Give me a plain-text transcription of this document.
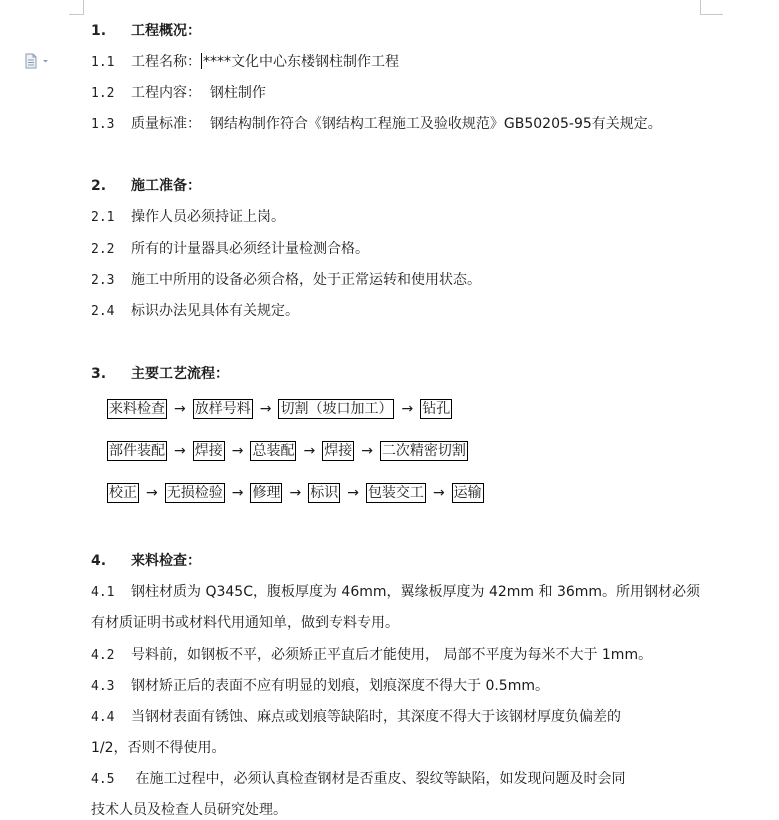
1. 工程概况：
1.1 工程名称： ****文化中心东楼钢柱制作工程
1.2 工程内容： 钢柱制作
1.3 质量标准： 钢结构制作符合《钢结构工程施工及验收规范》GB50205-95有关规定。
2. 施工准备：
2.1 操作人员必须持证上岗。
2.2 所有的计量器具必须经计量检测合格。
2.3 施工中所用的设备必须合格，处于正常运转和使用状态。
2.4 标识办法见具体有关规定。
3. 主要工艺流程：
来料检查 → 放样号料 → 切割（坡口加工） → 钻孔
部件装配 → 焊接 → 总装配 → 焊接 → 二次精密切割
校正 → 无损检验 → 修理 → 标识 → 包装交工 → 运输
4. 来料检查：
4.1 钢柱材质为 Q345C，腹板厚度为 46mm，翼缘板厚度为 42mm 和 36mm。所用钢材必须
有材质证明书或材料代用通知单，做到专料专用。
4.2 号料前，如钢板不平，必须矫正平直后才能使用， 局部不平度为每米不大于 1mm。
4.3 钢材矫正后的表面不应有明显的划痕，划痕深度不得大于 0.5mm。
4.4 当钢材表面有锈蚀、麻点或划痕等缺陷时，其深度不得大于该钢材厚度负偏差的
1/2，否则不得使用。
4.5 在施工过程中，必须认真检查钢材是否重皮、裂纹等缺陷，如发现问题及时会同
技术人员及检查人员研究处理。
